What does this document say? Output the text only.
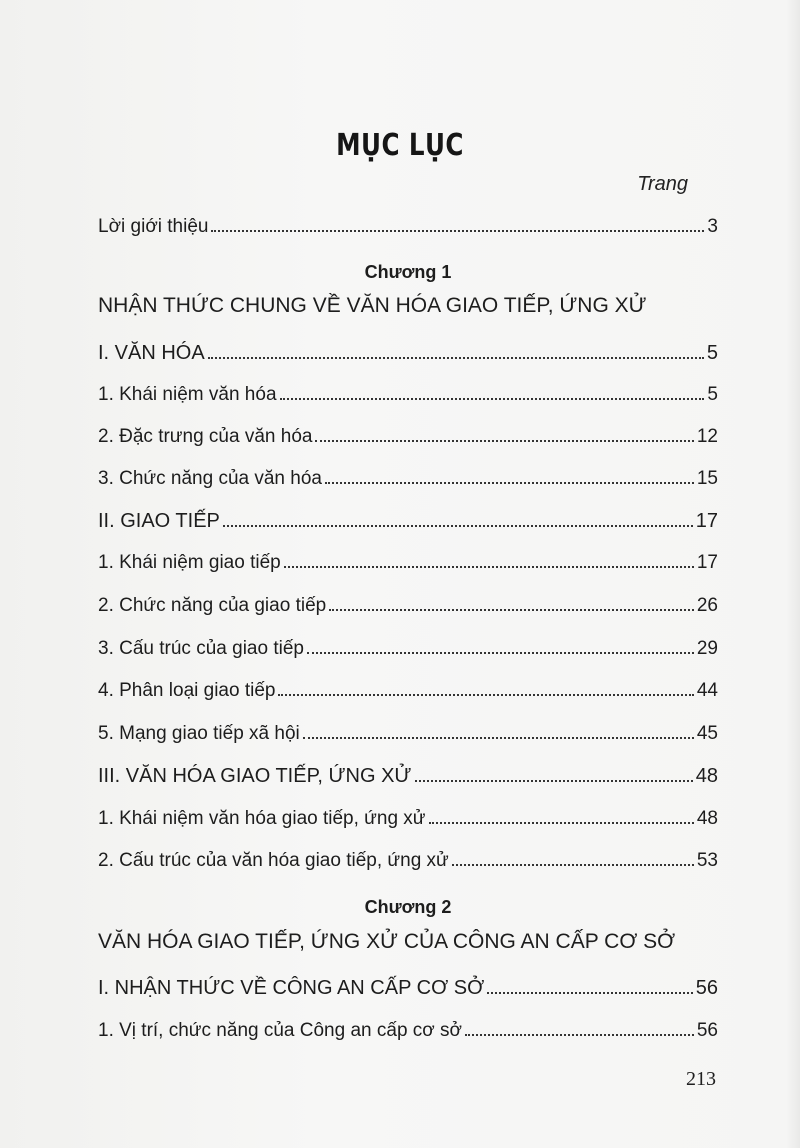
MỤC LỤC
Trang
Lời giới thiệu	3
Chương 1
NHẬN THỨC CHUNG VỀ VĂN HÓA GIAO TIẾP, ỨNG XỬ
I. VĂN HÓA	5
1. Khái niệm văn hóa	5
2. Đặc trưng của văn hóa	12
3. Chức năng của văn hóa	15
II. GIAO TIẾP	17
1. Khái niệm giao tiếp	17
2. Chức năng của giao tiếp	26
3. Cấu trúc của giao tiếp	29
4. Phân loại giao tiếp	44
5. Mạng giao tiếp xã hội	45
III. VĂN HÓA GIAO TIẾP, ỨNG XỬ	48
1. Khái niệm văn hóa giao tiếp, ứng xử	48
2. Cấu trúc của văn hóa giao tiếp, ứng xử	53
Chương 2
VĂN HÓA GIAO TIẾP, ỨNG XỬ CỦA CÔNG AN CẤP CƠ SỞ
I. NHẬN THỨC VỀ CÔNG AN CẤP CƠ SỞ	56
1. Vị trí, chức năng của Công an cấp cơ sở	56
213
